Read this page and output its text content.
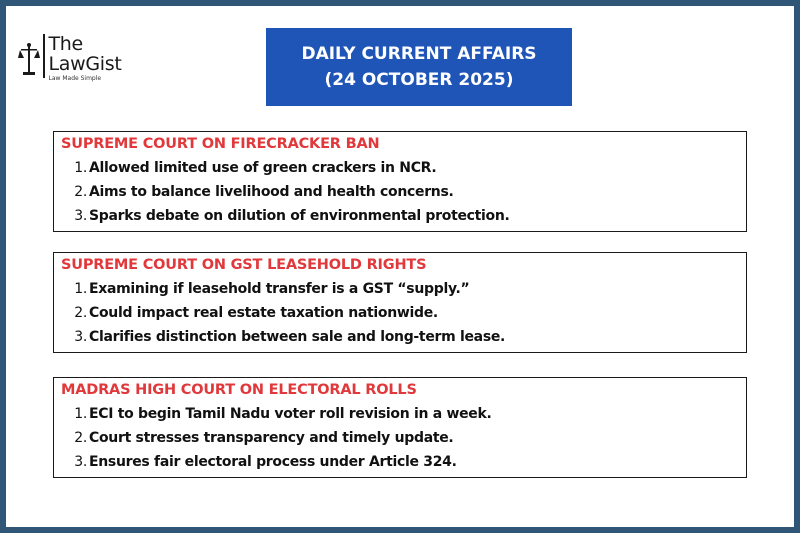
The
LawGist
Law Made Simple
DAILY CURRENT AFFAIRS
(24 OCTOBER 2025)
SUPREME COURT ON FIRECRACKER BAN
1. Allowed limited use of green crackers in NCR.
2. Aims to balance livelihood and health concerns.
3. Sparks debate on dilution of environmental protection.
SUPREME COURT ON GST LEASEHOLD RIGHTS
1. Examining if leasehold transfer is a GST “supply.”
2. Could impact real estate taxation nationwide.
3. Clarifies distinction between sale and long-term lease.
MADRAS HIGH COURT ON ELECTORAL ROLLS
1. ECI to begin Tamil Nadu voter roll revision in a week.
2. Court stresses transparency and timely update.
3. Ensures fair electoral process under Article 324.
